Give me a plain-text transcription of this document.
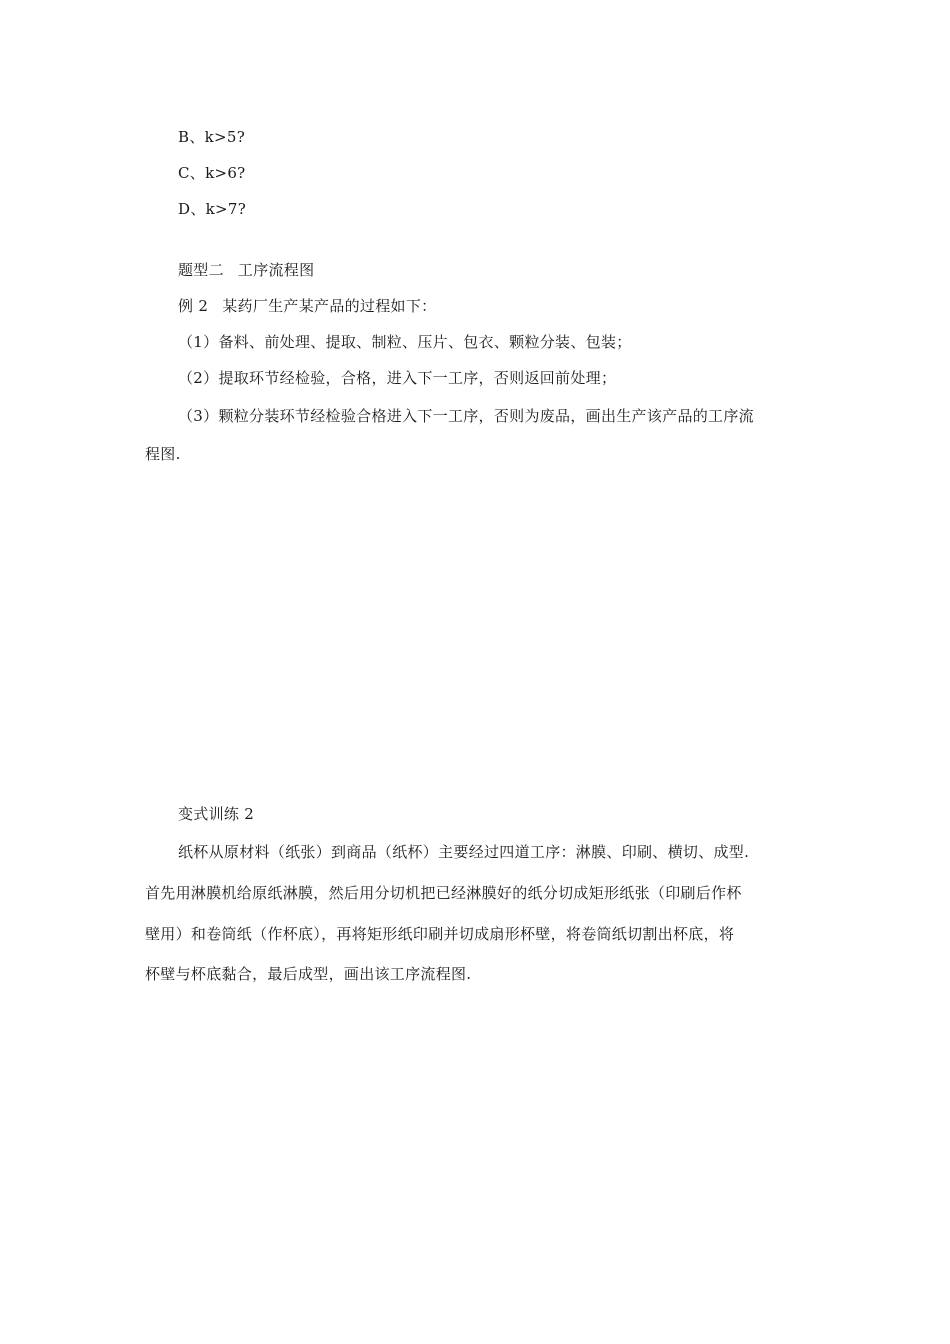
B、k>5?
C、k>6?
D、k>7?
题型二 工序流程图
例 2 某药厂生产某产品的过程如下：
（1）备料、前处理、提取、制粒、压片、包衣、颗粒分装、包装；
（2）提取环节经检验，合格，进入下一工序，否则返回前处理；
（3）颗粒分装环节经检验合格进入下一工序，否则为废品，画出生产该产品的工序流
程图.
变式训练 2
纸杯从原材料（纸张）到商品（纸杯）主要经过四道工序：淋膜、印刷、横切、成型.
首先用淋膜机给原纸淋膜，然后用分切机把已经淋膜好的纸分切成矩形纸张（印刷后作杯
壁用）和卷筒纸（作杯底），再将矩形纸印刷并切成扇形杯壁，将卷筒纸切割出杯底，将
杯壁与杯底黏合，最后成型，画出该工序流程图.
